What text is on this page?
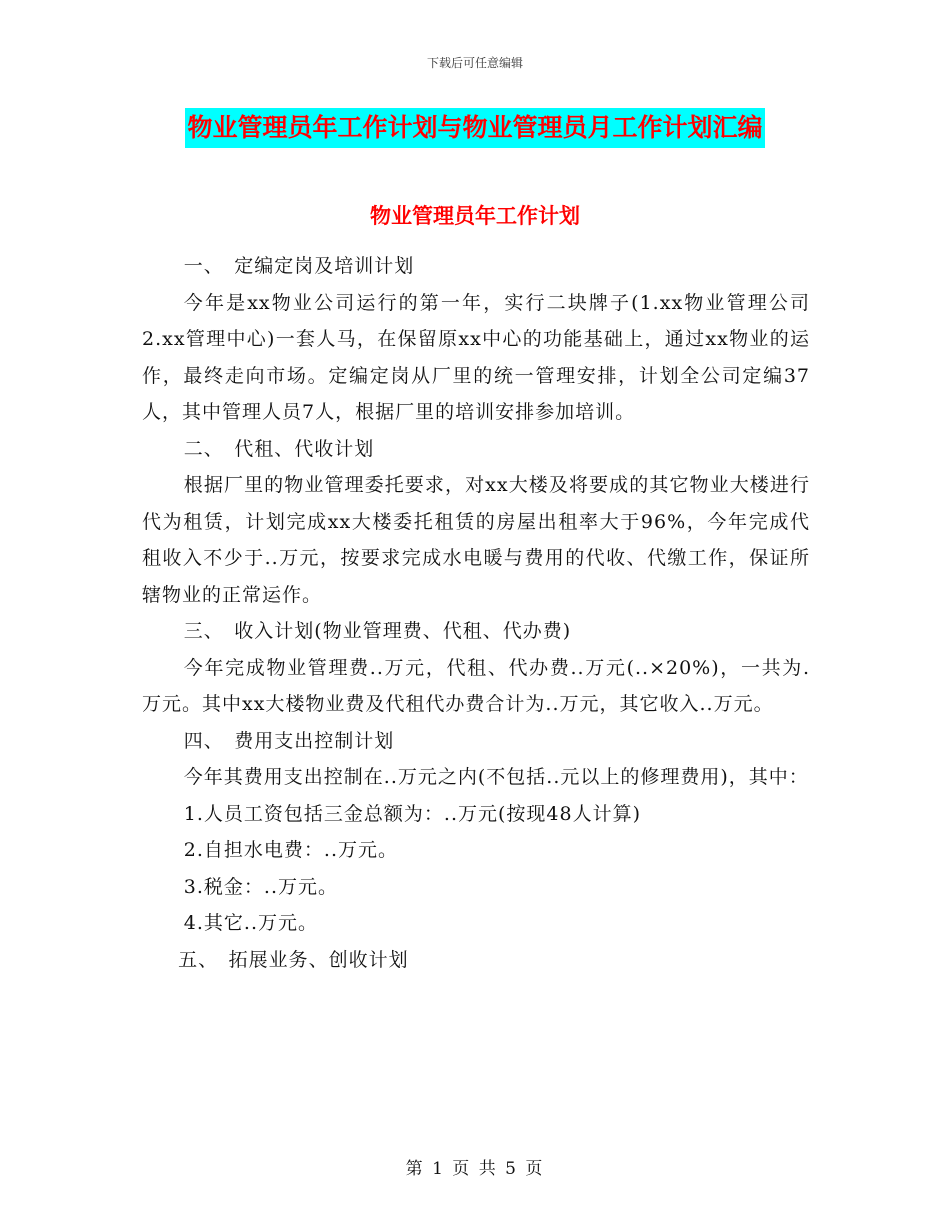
下载后可任意编辑
物业管理员年工作计划与物业管理员月工作计划汇编
物业管理员年工作计划

一、　定编定岗及培训计划

今年是xx物业公司运行的第一年，实行二块牌子(1.xx物业管理公司 2.xx管理中心)一套人马，在保留原xx中心的功能基础上，通过xx物业的运作，最终走向市场。定编定岗从厂里的统一管理安排，计划全公司定编37人，其中管理人员7人，根据厂里的培训安排参加培训。

二、　代租、代收计划

根据厂里的物业管理委托要求，对xx大楼及将要成的其它物业大楼进行代为租赁，计划完成xx大楼委托租赁的房屋出租率大于96%，今年完成代租收入不少于..万元，按要求完成水电暖与费用的代收、代缴工作，保证所辖物业的正常运作。

三、　收入计划(物业管理费、代租、代办费)

今年完成物业管理费..万元，代租、代办费..万元(..×20%)，一共为.万元。其中xx大楼物业费及代租代办费合计为..万元，其它收入..万元。

四、　费用支出控制计划

今年其费用支出控制在..万元之内(不包括..元以上的修理费用)，其中：

1.人员工资包括三金总额为：..万元(按现48人计算)

2.自担水电费：..万元。

3.税金：..万元。

4.其它..万元。

五、　拓展业务、创收计划

第 1 页 共 5 页
